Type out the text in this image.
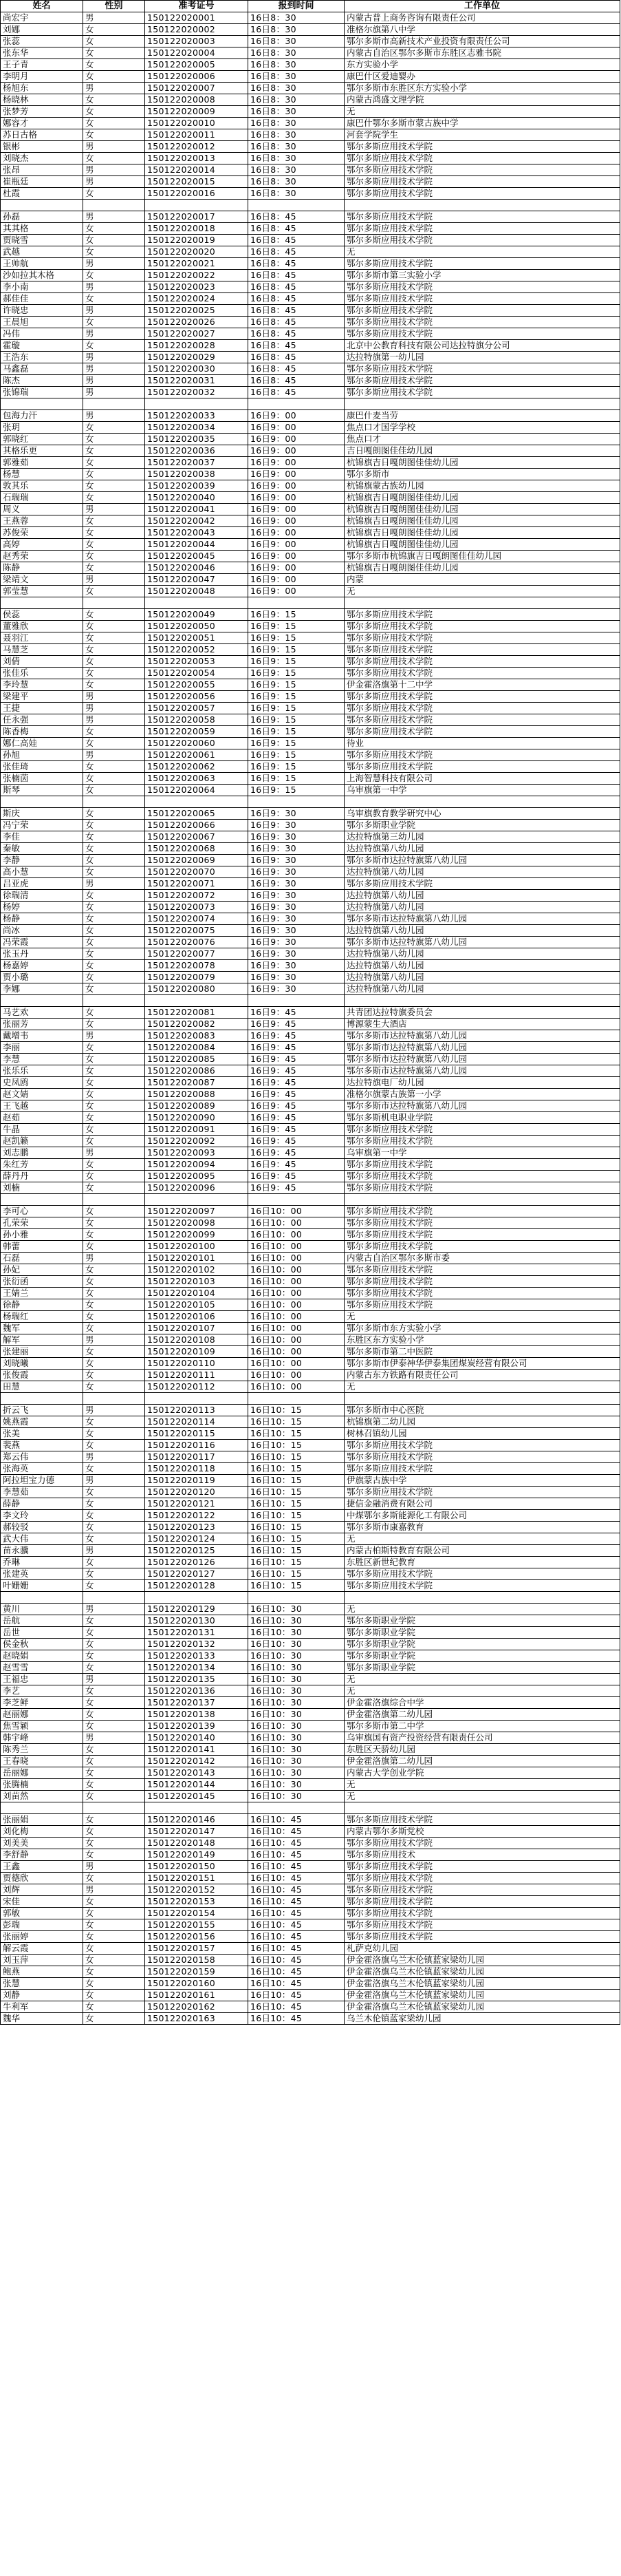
姓名	性别	准考证号	报到时间	工作单位
尚宏宇	男	150122020001	16日8：30	内蒙古普上商务咨询有限责任公司
刘娜	女	150122020002	16日8：30	准格尔旗第八中学
张蕊	女	150122020003	16日8：30	鄂尔多斯市高新技术产业投资有限责任公司
张东华	女	150122020004	16日8：30	内蒙古自治区鄂尔多斯市东胜区志雅书院
王子青	女	150122020005	16日8：30	东方实验小学
李明月	女	150122020006	16日8：30	康巴什区爱迪婴办
杨旭东	男	150122020007	16日8：30	鄂尔多斯市东胜区东方实验小学
杨晓林	女	150122020008	16日8：30	内蒙古鸿盛文理学院
张梦芳	女	150122020009	16日8：30	无
娜容才	女	150122020010	16日8：30	康巴什鄂尔多斯市蒙古族中学
苏日古格	女	150122020011	16日8：30	河套学院学生
银彬	男	150122020012	16日8：30	鄂尔多斯应用技术学院
刘晓杰	女	150122020013	16日8：30	鄂尔多斯应用技术学院
张昂	男	150122020014	16日8：30	鄂尔多斯应用技术学院
崔瓶廷	男	150122020015	16日8：30	鄂尔多斯应用技术学院
杜霞	女	150122020016	16日8：30	鄂尔多斯应用技术学院

孙磊	男	150122020017	16日8：45	鄂尔多斯应用技术学院
其其格	女	150122020018	16日8：45	鄂尔多斯应用技术学院
贾晓雪	女	150122020019	16日8：45	鄂尔多斯应用技术学院
武越	女	150122020020	16日8：45	无
王帅航	男	150122020021	16日8：45	鄂尔多斯应用技术学院
沙如拉其木格	女	150122020022	16日8：45	鄂尔多斯市第三实验小学
李小南	男	150122020023	16日8：45	鄂尔多斯应用技术学院
郝佳佳	女	150122020024	16日8：45	鄂尔多斯应用技术学院
许晓忠	男	150122020025	16日8：45	鄂尔多斯应用技术学院
王晨旭	女	150122020026	16日8：45	鄂尔多斯应用技术学院
冯伟	男	150122020027	16日8：45	鄂尔多斯应用技术学院
霍璇	女	150122020028	16日8：45	北京中公教育科技有限公司达拉特旗分公司
王浩东	男	150122020029	16日8：45	达拉特旗第一幼儿园
马鑫磊	男	150122020030	16日8：45	鄂尔多斯应用技术学院
陈杰	男	150122020031	16日8：45	鄂尔多斯应用技术学院
张锦瑞	男	150122020032	16日8：45	鄂尔多斯应用技术学院

包海力汗	男	150122020033	16日9：00	康巴什麦当劳
张玥	女	150122020034	16日9：00	焦点口才国学学校
郭晓红	女	150122020035	16日9：00	焦点口才
其格乐更	女	150122020036	16日9：00	吉日嘎朗图佳佳幼儿园
郭雅茹	女	150122020037	16日9：00	杭锦旗吉日嘎朗图佳佳幼儿园
杨慧	女	150122020038	16日9：00	鄂尔多斯市
敦其乐	女	150122020039	16日9：00	杭锦旗蒙古族幼儿园
石瑞瑞	女	150122020040	16日9：00	杭锦旗吉日嘎朗图佳佳幼儿园
周义	男	150122020041	16日9：00	杭锦旗吉日嘎朗图佳佳幼儿园
王燕蓉	女	150122020042	16日9：00	杭锦旗吉日嘎朗图佳佳幼儿园
苏俊荣	女	150122020043	16日9：00	杭锦旗吉日嘎朗图佳佳幼儿园
高婷	女	150122020044	16日9：00	杭锦旗吉日嘎朗图佳佳幼儿园
赵秀荣	女	150122020045	16日9：00	鄂尔多斯市杭锦旗吉日嘎朗图佳佳幼儿园
陈静	女	150122020046	16日9：00	杭锦旗吉日嘎朗图佳佳幼儿园
梁靖文	男	150122020047	16日9：00	内蒙
郭莹慧	女	150122020048	16日9：00	无

侯蕊	女	150122020049	16日9：15	鄂尔多斯应用技术学院
董雅欣	女	150122020050	16日9：15	鄂尔多斯应用技术学院
聂羽江	女	150122020051	16日9：15	鄂尔多斯应用技术学院
马慧芝	女	150122020052	16日9：15	鄂尔多斯应用技术学院
刘倩	女	150122020053	16日9：15	鄂尔多斯应用技术学院
张佳乐	女	150122020054	16日9：15	鄂尔多斯应用技术学院
李玲慧	女	150122020055	16日9：15	伊金霍洛旗第十二中学
梁建平	男	150122020056	16日9：15	鄂尔多斯应用技术学院
王捷	男	150122020057	16日9：15	鄂尔多斯应用技术学院
任永强	男	150122020058	16日9：15	鄂尔多斯应用技术学院
陈香梅	女	150122020059	16日9：15	鄂尔多斯应用技术学院
娜仁高娃	女	150122020060	16日9：15	待业
孙旭	男	150122020061	16日9：15	鄂尔多斯应用技术学院
张佳琦	女	150122020062	16日9：15	鄂尔多斯应用技术学院
张楠茵	女	150122020063	16日9：15	上海智慧科技有限公司
斯琴	女	150122020064	16日9：15	乌审旗第一中学

斯庆	女	150122020065	16日9：30	乌审旗教育教学研究中心
冯宁荣	女	150122020066	16日9：30	鄂尔多斯职业学院
李佳	女	150122020067	16日9：30	达拉特旗第三幼儿园
秦敏	女	150122020068	16日9：30	达拉特旗第八幼儿园
李静	女	150122020069	16日9：30	鄂尔多斯市达拉特旗第八幼儿园
高小慧	女	150122020070	16日9：30	达拉特旗第八幼儿园
吕亚虎	男	150122020071	16日9：30	鄂尔多斯应用技术学院
徐瑞清	女	150122020072	16日9：30	达拉特旗第八幼儿园
杨婷	女	150122020073	16日9：30	达拉特旗第八幼儿园
杨静	女	150122020074	16日9：30	鄂尔多斯市达拉特旗第八幼儿园
尚冰	女	150122020075	16日9：30	达拉特旗第八幼儿园
冯荣霞	女	150122020076	16日9：30	鄂尔多斯市达拉特旗第八幼儿园
张玉丹	女	150122020077	16日9：30	达拉特旗第八幼儿园
杨嘉婷	女	150122020078	16日9：30	达拉特旗第八幼儿园
贾小璐	女	150122020079	16日9：30	达拉特旗第八幼儿园
李娜	女	150122020080	16日9：30	达拉特旗第八幼儿园

马艺欢	女	150122020081	16日9：45	共青团达拉特旗委员会
张丽芳	女	150122020082	16日9：45	博源蒙生大酒店
戴增韦	男	150122020083	16日9：45	鄂尔多斯市达拉特旗第八幼儿园
李丽	女	150122020084	16日9：45	鄂尔多斯市达拉特旗第八幼儿园
李慧	女	150122020085	16日9：45	鄂尔多斯市达拉特旗第八幼儿园
张乐乐	女	150122020086	16日9：45	鄂尔多斯市达拉特旗第八幼儿园
史凤鸥	女	150122020087	16日9：45	达拉特旗电厂幼儿园
赵文婧	女	150122020088	16日9：45	准格尔旗蒙古族第一小学
王飞越	女	150122020089	16日9：45	鄂尔多斯市达拉特旗第八幼儿园
赵茹	女	150122020090	16日9：45	鄂尔多斯机电职业学院
牛晶	女	150122020091	16日9：45	鄂尔多斯应用技术学院
赵凯籁	女	150122020092	16日9：45	鄂尔多斯应用技术学院
刘志鹏	男	150122020093	16日9：45	乌审旗第一中学
朱红芳	女	150122020094	16日9：45	鄂尔多斯应用技术学院
薛丹丹	女	150122020095	16日9：45	鄂尔多斯应用技术学院
刘楠	女	150122020096	16日9：45	鄂尔多斯应用技术学院

李可心	女	150122020097	16日10：00	鄂尔多斯应用技术学院
孔荣荣	女	150122020098	16日10：00	鄂尔多斯应用技术学院
孙小雅	女	150122020099	16日10：00	鄂尔多斯应用技术学院
韩蕾	女	150122020100	16日10：00	鄂尔多斯应用技术学院
石磊	男	150122020101	16日10：00	内蒙古自治区鄂尔多斯市委
孙妃	女	150122020102	16日10：00	鄂尔多斯应用技术学院
张衍函	女	150122020103	16日10：00	鄂尔多斯应用技术学院
王婧兰	女	150122020104	16日10：00	鄂尔多斯应用技术学院
徐静	女	150122020105	16日10：00	鄂尔多斯应用技术学院
杨瑞红	女	150122020106	16日10：00	无
魏军	女	150122020107	16日10：00	鄂尔多斯市东方实验小学
解军	男	150122020108	16日10：00	东胜区东方实验小学
张建丽	女	150122020109	16日10：00	鄂尔多斯市第二中医院
刘晓曦	女	150122020110	16日10：00	鄂尔多斯市伊泰神华伊泰集团煤炭经营有限公司
张俊霞	女	150122020111	16日10：00	内蒙古东方铁路有限责任公司
田慧	女	150122020112	16日10：00	无

折云飞	男	150122020113	16日10：15	鄂尔多斯市中心医院
姚燕霞	女	150122020114	16日10：15	杭锦旗第二幼儿园
张美	女	150122020115	16日10：15	树林召镇幼儿园
裴燕	女	150122020116	16日10：15	鄂尔多斯应用技术学院
郑云伟	男	150122020117	16日10：15	鄂尔多斯应用技术学院
张海英	女	150122020118	16日10：15	鄂尔多斯应用技术学院
阿拉坦宝力德	男	150122020119	16日10：15	伊旗蒙古族中学
李慧茹	女	150122020120	16日10：15	鄂尔多斯应用技术学院
薛静	女	150122020121	16日10：15	捷信金融消费有限公司
李文玲	女	150122020122	16日10：15	中煤鄂尔多斯能源化工有限公司
郝较驳	女	150122020123	16日10：15	鄂尔多斯市康嘉教育
武大伟	女	150122020124	16日10：15	无
苗永骥	男	150122020125	16日10：15	内蒙古柏斯特教育有限公司
乔琳	女	150122020126	16日10：15	东胜区新世纪教育
张建英	女	150122020127	16日10：15	鄂尔多斯应用技术学院
叶姗姗	女	150122020128	16日10：15	鄂尔多斯应用技术学院

黄川	男	150122020129	16日10：30	无
岳航	女	150122020130	16日10：30	鄂尔多斯职业学院
岳世	女	150122020131	16日10：30	鄂尔多斯职业学院
侯金秋	女	150122020132	16日10：30	鄂尔多斯职业学院
赵晓娟	女	150122020133	16日10：30	鄂尔多斯职业学院
赵雪雪	女	150122020134	16日10：30	鄂尔多斯职业学院
王福忠	男	150122020135	16日10：30	无
李艺	女	150122020136	16日10：30	无
李芝鲜	女	150122020137	16日10：30	伊金霍洛旗综合中学
赵丽娜	女	150122020138	16日10：30	伊金霍洛旗第二幼儿园
焦雪颖	女	150122020139	16日10：30	鄂尔多斯市第二中学
韩宇峰	男	150122020140	16日10：30	乌审旗国有资产投资经营有限责任公司
陈秀兰	女	150122020141	16日10：30	东胜区天骄幼儿园
王春晓	女	150122020142	16日10：30	伊金霍洛旗第二幼儿园
岳丽娜	女	150122020143	16日10：30	内蒙古大学创业学院
张腾楠	女	150122020144	16日10：30	无
刘苗然	女	150122020145	16日10：30	无

张丽娟	女	150122020146	16日10：45	鄂尔多斯应用技术学院
刘化梅	女	150122020147	16日10：45	内蒙古鄂尔多斯党校
刘美美	女	150122020148	16日10：45	鄂尔多斯应用技术学院
李舒静	女	150122020149	16日10：45	鄂尔多斯应用技术
王鑫	男	150122020150	16日10：45	鄂尔多斯应用技术学院
贾德欣	女	150122020151	16日10：45	鄂尔多斯应用技术学院
刘辉	男	150122020152	16日10：45	鄂尔多斯应用技术学院
宋佳	女	150122020153	16日10：45	鄂尔多斯应用技术学院
郭敏	女	150122020154	16日10：45	鄂尔多斯应用技术学院
彭瑞	女	150122020155	16日10：45	鄂尔多斯应用技术学院
张丽婷	女	150122020156	16日10：45	鄂尔多斯应用技术学院
解云霞	女	150122020157	16日10：45	札萨克幼儿园
刘玉萍	女	150122020158	16日10：45	伊金霍洛旗乌兰木伦镇蓝家梁幼儿园
鲍燕	女	150122020159	16日10：45	伊金霍洛旗乌兰木伦镇蓝家梁幼儿园
张慧	女	150122020160	16日10：45	伊金霍洛旗乌兰木伦镇蓝家梁幼儿园
刘静	女	150122020161	16日10：45	伊金霍洛旗乌兰木伦镇蓝家梁幼儿园
牛利军	女	150122020162	16日10：45	伊金霍洛旗乌兰木伦镇蓝家梁幼儿园
魏华	女	150122020163	16日10：45	乌兰木伦镇蓝家梁幼儿园
